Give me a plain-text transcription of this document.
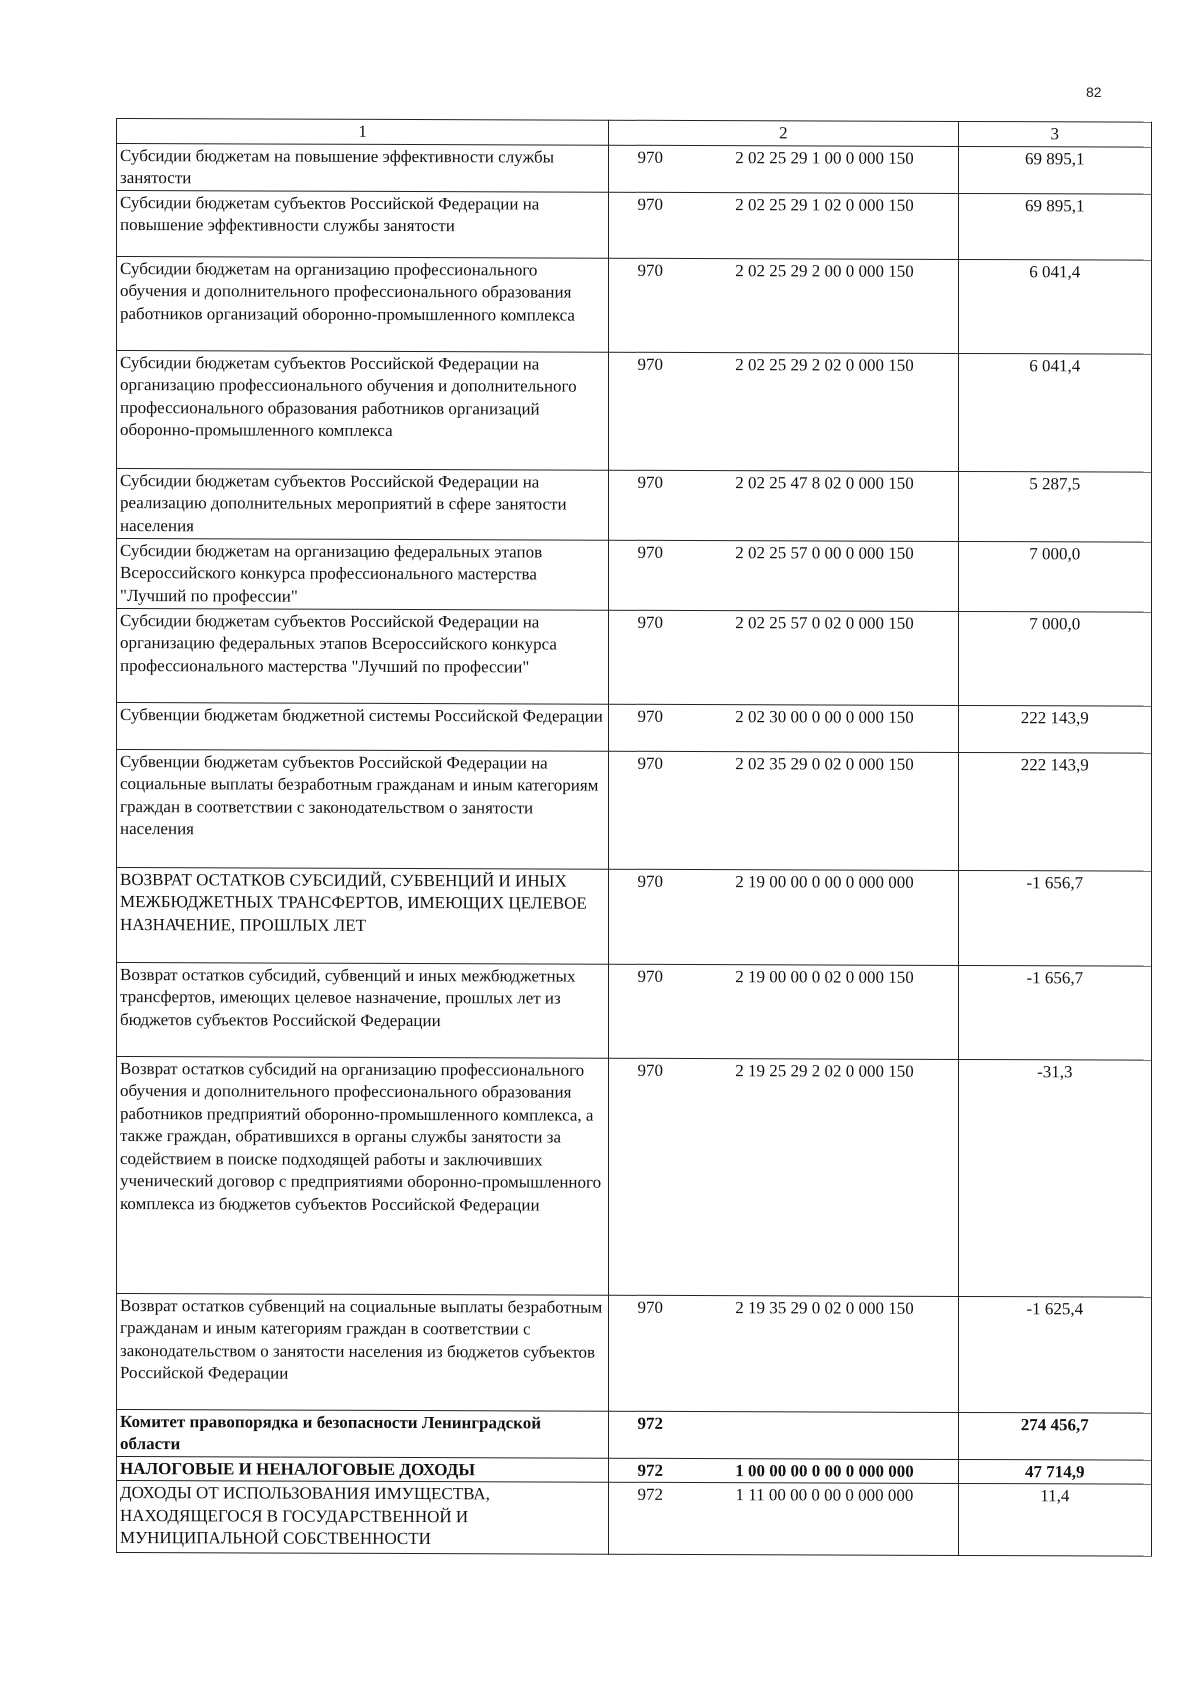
82
1	2		3
Субсидии бюджетам на повышение эффективности службы занятости	970	2 02 25 29 1 00 0 000 150	69 895,1
Субсидии бюджетам субъектов Российской Федерации на повышение эффективности службы занятости	970	2 02 25 29 1 02 0 000 150	69 895,1
Субсидии бюджетам на организацию профессионального обучения и дополнительного профессионального образования работников организаций оборонно-промышленного комплекса	970	2 02 25 29 2 00 0 000 150	6 041,4
Субсидии бюджетам субъектов Российской Федерации на организацию профессионального обучения и дополнительного профессионального образования работников организаций оборонно-промышленного комплекса	970	2 02 25 29 2 02 0 000 150	6 041,4
Субсидии бюджетам субъектов Российской Федерации на реализацию дополнительных мероприятий в сфере занятости населения	970	2 02 25 47 8 02 0 000 150	5 287,5
Субсидии бюджетам на организацию федеральных этапов Всероссийского конкурса профессионального мастерства "Лучший по профессии"	970	2 02 25 57 0 00 0 000 150	7 000,0
Субсидии бюджетам субъектов Российской Федерации на организацию федеральных этапов Всероссийского конкурса профессионального мастерства "Лучший по профессии"	970	2 02 25 57 0 02 0 000 150	7 000,0
Субвенции бюджетам бюджетной системы Российской Федерации	970	2 02 30 00 0 00 0 000 150	222 143,9
Субвенции бюджетам субъектов Российской Федерации на социальные выплаты безработным гражданам и иным категориям граждан в соответствии с законодательством о занятости населения	970	2 02 35 29 0 02 0 000 150	222 143,9
ВОЗВРАТ ОСТАТКОВ СУБСИДИЙ, СУБВЕНЦИЙ И ИНЫХ МЕЖБЮДЖЕТНЫХ ТРАНСФЕРТОВ, ИМЕЮЩИХ ЦЕЛЕВОЕ НАЗНАЧЕНИЕ, ПРОШЛЫХ ЛЕТ	970	2 19 00 00 0 00 0 000 000	-1 656,7
Возврат остатков субсидий, субвенций и иных межбюджетных трансфертов, имеющих целевое назначение, прошлых лет из бюджетов субъектов Российской Федерации	970	2 19 00 00 0 02 0 000 150	-1 656,7
Возврат остатков субсидий на организацию профессионального обучения и дополнительного профессионального образования работников предприятий оборонно-промышленного комплекса, а также граждан, обратившихся в органы службы занятости за содействием в поиске подходящей работы и заключивших ученический договор с предприятиями оборонно-промышленного комплекса из бюджетов субъектов Российской Федерации	970	2 19 25 29 2 02 0 000 150	-31,3
Возврат остатков субвенций на социальные выплаты безработным гражданам и иным категориям граждан в соответствии с законодательством о занятости населения из бюджетов субъектов Российской Федерации	970	2 19 35 29 0 02 0 000 150	-1 625,4
Комитет правопорядка и безопасности Ленинградской области	972		274 456,7
НАЛОГОВЫЕ И НЕНАЛОГОВЫЕ ДОХОДЫ	972	1 00 00 00 0 00 0 000 000	47 714,9
ДОХОДЫ ОТ ИСПОЛЬЗОВАНИЯ ИМУЩЕСТВА, НАХОДЯЩЕГОСЯ В ГОСУДАРСТВЕННОЙ И МУНИЦИПАЛЬНОЙ СОБСТВЕННОСТИ	972	1 11 00 00 0 00 0 000 000	11,4
